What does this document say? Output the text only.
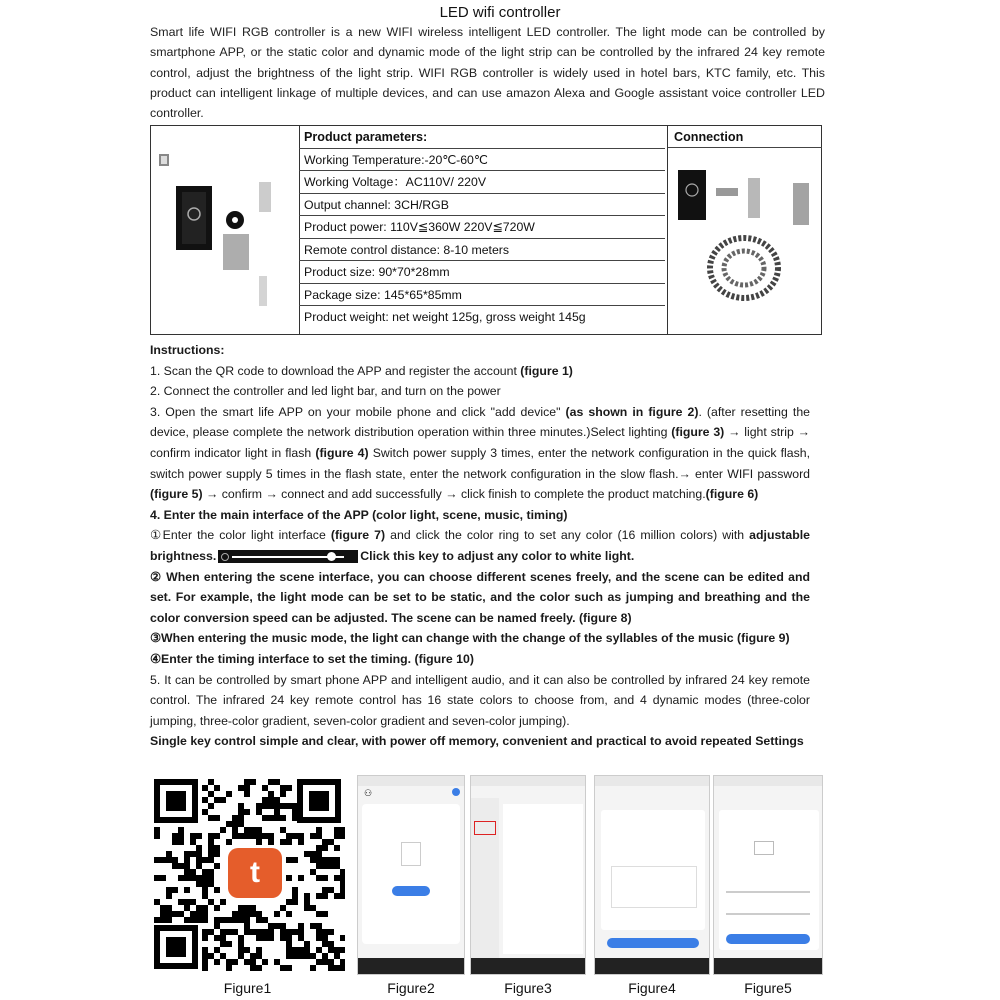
LED wifi controller
Smart life WIFI RGB controller is a new WIFI wireless intelligent LED controller. The light mode can be controlled by smartphone APP, or the static color and dynamic mode of the light strip can be controlled by the infrared 24 key remote control, adjust the brightness of the light strip. WIFI RGB controller is widely used in hotel bars, KTC family, etc. This product can intelligent linkage of multiple devices, and can use amazon Alexa and Google assistant voice controller LED controller.
Product parameters:
Working Temperature:-20℃-60℃
Working Voltage：AC110V/ 220V
Output channel: 3CH/RGB
Product power: 110V≦360W 220V≦720W
Remote control distance: 8-10 meters
Product size: 90*70*28mm
Package size: 145*65*85mm
Product weight: net weight 125g, gross weight 145g
Connection

Instructions:

1. Scan the QR code to download the APP and register the account (figure 1)

2. Connect the controller and led light bar, and turn on the power

3. Open the smart life APP on your mobile phone and click "add device" (as shown in figure 2). (after resetting the device, please complete the network distribution operation within three minutes.)Select lighting (figure 3) → light strip → confirm indicator light in flash (figure 4) Switch power supply 3 times, enter the network configuration in the quick flash, switch power supply 5 times in the flash state, enter the network configuration in the slow flash.→ enter WIFI password (figure 5) → confirm → connect and add successfully → click finish to complete the product matching.(figure 6)

4. Enter the main interface of the APP (color light, scene, music, timing)

①Enter the color light interface (figure 7) and click the color ring to set any color (16 million colors) with adjustable brightness.	Click this key to adjust any color to white light.

② When entering the scene interface, you can choose different scenes freely, and the scene can be edited and set. For example, the light mode can be set to be static, and the color such as jumping and breathing and the color conversion speed can be adjusted. The scene can be named freely. (figure 8)

③When entering the music mode, the light can change with the change of the syllables of the music (figure 9)

④Enter the timing interface to set the timing. (figure 10)

5. It can be controlled by smart phone APP and intelligent audio, and it can also be controlled by infrared 24 key remote control. The infrared 24 key remote control has 16 state colors to choose from, and 4 dynamic modes (three-color jumping, three-color gradient, seven-color gradient and seven-color jumping).

Single key control simple and clear, with power off memory, convenient and practical to avoid repeated Settings

t
⚇
Figure1	Figure2	Figure3	Figure4	Figure5
